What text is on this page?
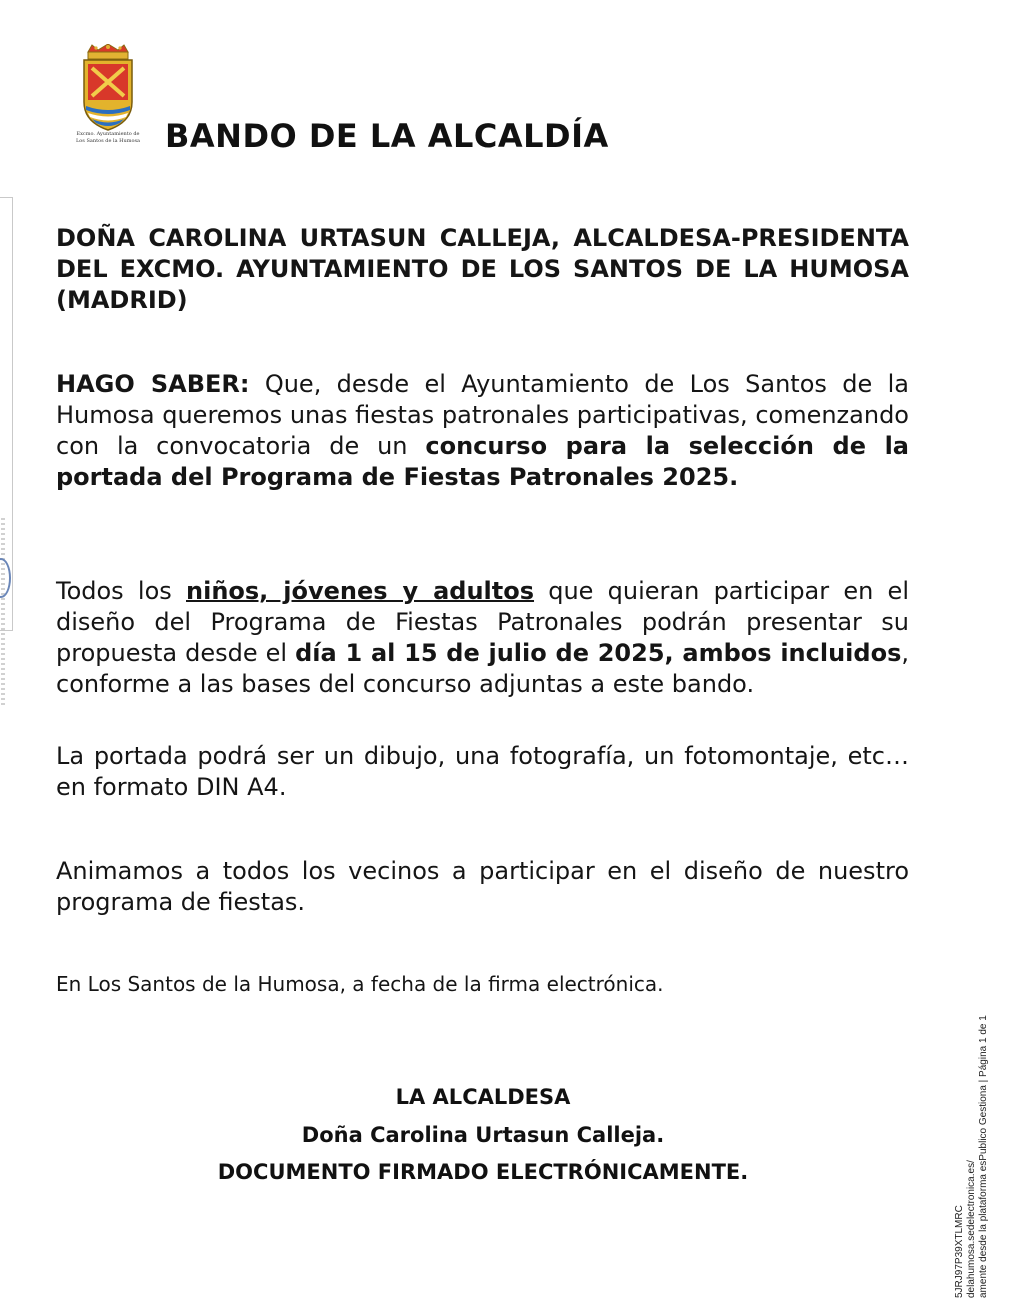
Excmo. Ayuntamiento de
Los Santos de la Humosa BANDO DE LA ALCALDÍA

DOÑA CAROLINA URTASUN CALLEJA, ALCALDESA-PRESIDENTA DEL EXCMO. AYUNTAMIENTO DE LOS SANTOS DE LA HUMOSA (MADRID)

HAGO SABER: Que, desde el Ayuntamiento de Los Santos de la Humosa queremos unas fiestas patronales participativas, comenzando con la convocatoria de un concurso para la selección de la portada del Programa de Fiestas Patronales 2025.

Todos los niños, jóvenes y adultos que quieran participar en el diseño del Programa de Fiestas Patronales podrán presentar su propuesta desde el día 1 al 15 de julio de 2025, ambos incluidos, conforme a las bases del concurso adjuntas a este bando.

La portada podrá ser un dibujo, una fotografía, un fotomontaje, etc… en formato DIN A4.

Animamos a todos los vecinos a participar en el diseño de nuestro programa de fiestas.

En Los Santos de la Humosa, a fecha de la firma electrónica.

LA ALCALDESA

Doña Carolina Urtasun Calleja.

DOCUMENTO FIRMADO ELECTRÓNICAMENTE.

5JRJ97P39XTLMRC delahumosa.sedelectronica.es/ amente desde la plataforma esPublico Gestiona | Página 1 de 1
